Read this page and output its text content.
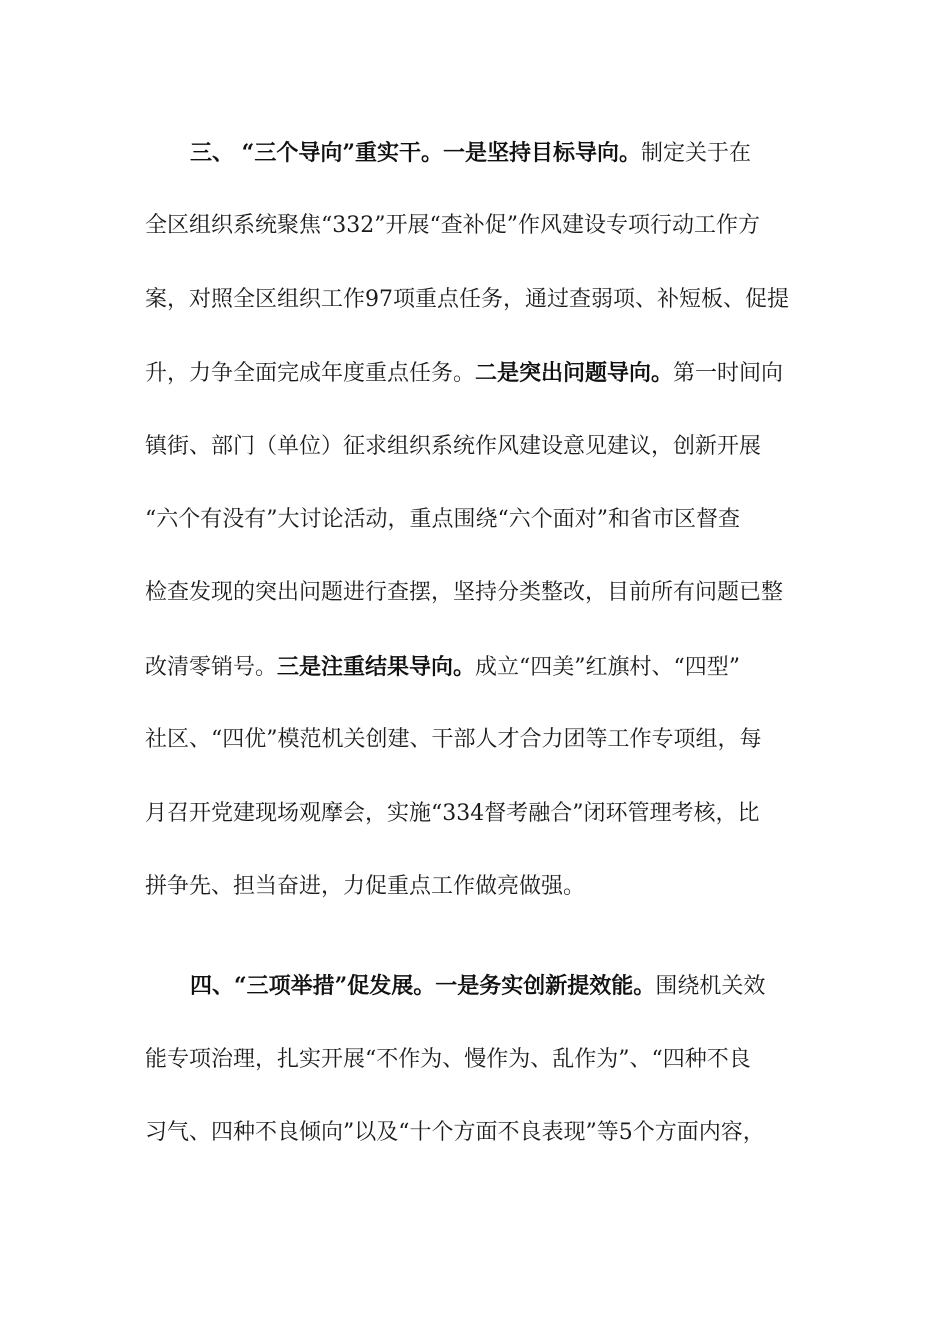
三、 “三个导向”重实干。一是坚持目标导向。制定关于在
全区组织系统聚焦“332”开展“查补促”作风建设专项行动工作方
案，对照全区组织工作97项重点任务，通过查弱项、补短板、促提
升，力争全面完成年度重点任务。二是突出问题导向。第一时间向
镇街、部门（单位）征求组织系统作风建设意见建议，创新开展
“六个有没有”大讨论活动，重点围绕“六个面对”和省市区督查
检查发现的突出问题进行查摆，坚持分类整改，目前所有问题已整
改清零销号。三是注重结果导向。成立“四美”红旗村、“四型”
社区、“四优”模范机关创建、干部人才合力团等工作专项组，每
月召开党建现场观摩会，实施“334督考融合”闭环管理考核，比
拼争先、担当奋进，力促重点工作做亮做强。
四、“三项举措”促发展。一是务实创新提效能。围绕机关效
能专项治理，扎实开展“不作为、慢作为、乱作为”、“四种不良
习气、四种不良倾向”以及“十个方面不良表现”等5个方面内容，
